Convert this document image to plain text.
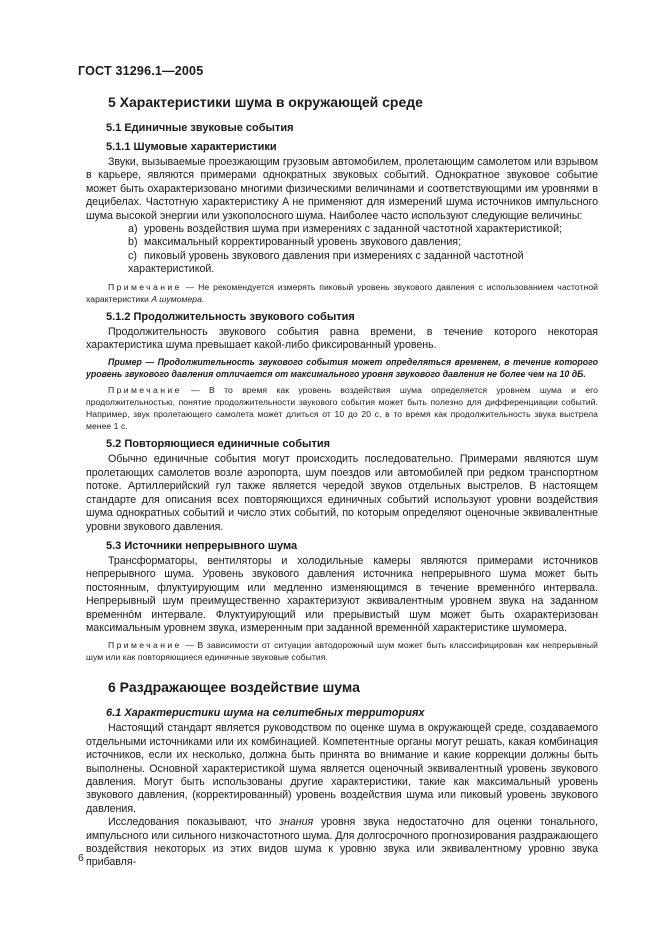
ГОСТ 31296.1—2005
5 Характеристики шума в окружающей среде
5.1 Единичные звуковые события
5.1.1 Шумовые характеристики

Звуки, вызываемые проезжающим грузовым автомобилем, пролетающим самолетом или взрывом в карьере, являются примерами однократных звуковых событий. Однократное звуковое событие может быть охарактеризовано многими физическими величинами и соответствующими им уровнями в децибелах. Частотную характеристику A не применяют для измерений шума источников импульсного шума высокой энергии или узкополосного шума. Наиболее часто используют следующие величины:

a) уровень воздействия шума при измерениях с заданной частотной характеристикой;
b) максимальный корректированный уровень звукового давления;
c) пиковый уровень звукового давления при измерениях с заданной частотной характеристикой.

Примечание — Не рекомендуется измерять пиковый уровень звукового давления с использованием частотной характеристики A шумомера.

5.1.2 Продолжительность звукового события

Продолжительность звукового события равна времени, в течение которого некоторая характеристика шума превышает какой-либо фиксированный уровень.

Пример — Продолжительность звукового события может определяться временем, в течение которого уровень звукового давления отличается от максимального уровня звукового давления не более чем на 10 дБ.

Примечание — В то время как уровень воздействия шума определяется уровнем шума и его продолжительностью, понятие продолжительности звукового события может быть полезно для дифференциации событий. Например, звук пролетающего самолета может длиться от 10 до 20 с, в то время как продолжительность звука выстрела менее 1 с.

5.2 Повторяющиеся единичные события

Обычно единичные события могут происходить последовательно. Примерами являются шум пролетающих самолетов возле аэропорта, шум поездов или автомобилей при редком транспортном потоке. Артиллерийский гул также является чередой звуков отдельных выстрелов. В настоящем стандарте для описания всех повторяющихся единичных событий используют уровни воздействия шума однократных событий и число этих событий, по которым определяют оценочные эквивалентные уровни звукового давления.

5.3 Источники непрерывного шума

Трансформаторы, вентиляторы и холодильные камеры являются примерами источников непрерывного шума. Уровень звукового давления источника непрерывного шума может быть постоянным, флуктуирующим или медленно изменяющимся в течение временнóго интервала. Непрерывный шум преимущественно характеризуют эквивалентным уровнем звука на заданном временнóм интервале. Флуктуирующий или прерывистый шум может быть охарактеризован максимальным уровнем звука, измеренным при заданной временнóй характеристике шумомера.

Примечание — В зависимости от ситуации автодорожный шум может быть классифицирован как непрерывный шум или как повторяющиеся единичные звуковые события.

6 Раздражающее воздействие шума
6.1 Характеристики шума на селитебных территориях

Настоящий стандарт является руководством по оценке шума в окружающей среде, создаваемого отдельными источниками или их комбинацией. Компетентные органы могут решать, какая комбинация источников, если их несколько, должна быть принята во внимание и какие коррекции должны быть выполнены. Основной характеристикой шума является оценочный эквивалентный уровень звукового давления. Могут быть использованы другие характеристики, такие как максимальный уровень звукового давления, (корректированный) уровень воздействия шума или пиковый уровень звукового давления.

Исследования показывают, что знания уровня звука недостаточно для оценки тонального, импульсного или сильного низкочастотного шума. Для долгосрочного прогнозирования раздражающего воздействия некоторых из этих видов шума к уровню звука или эквивалентному уровню звука прибавля-

6
